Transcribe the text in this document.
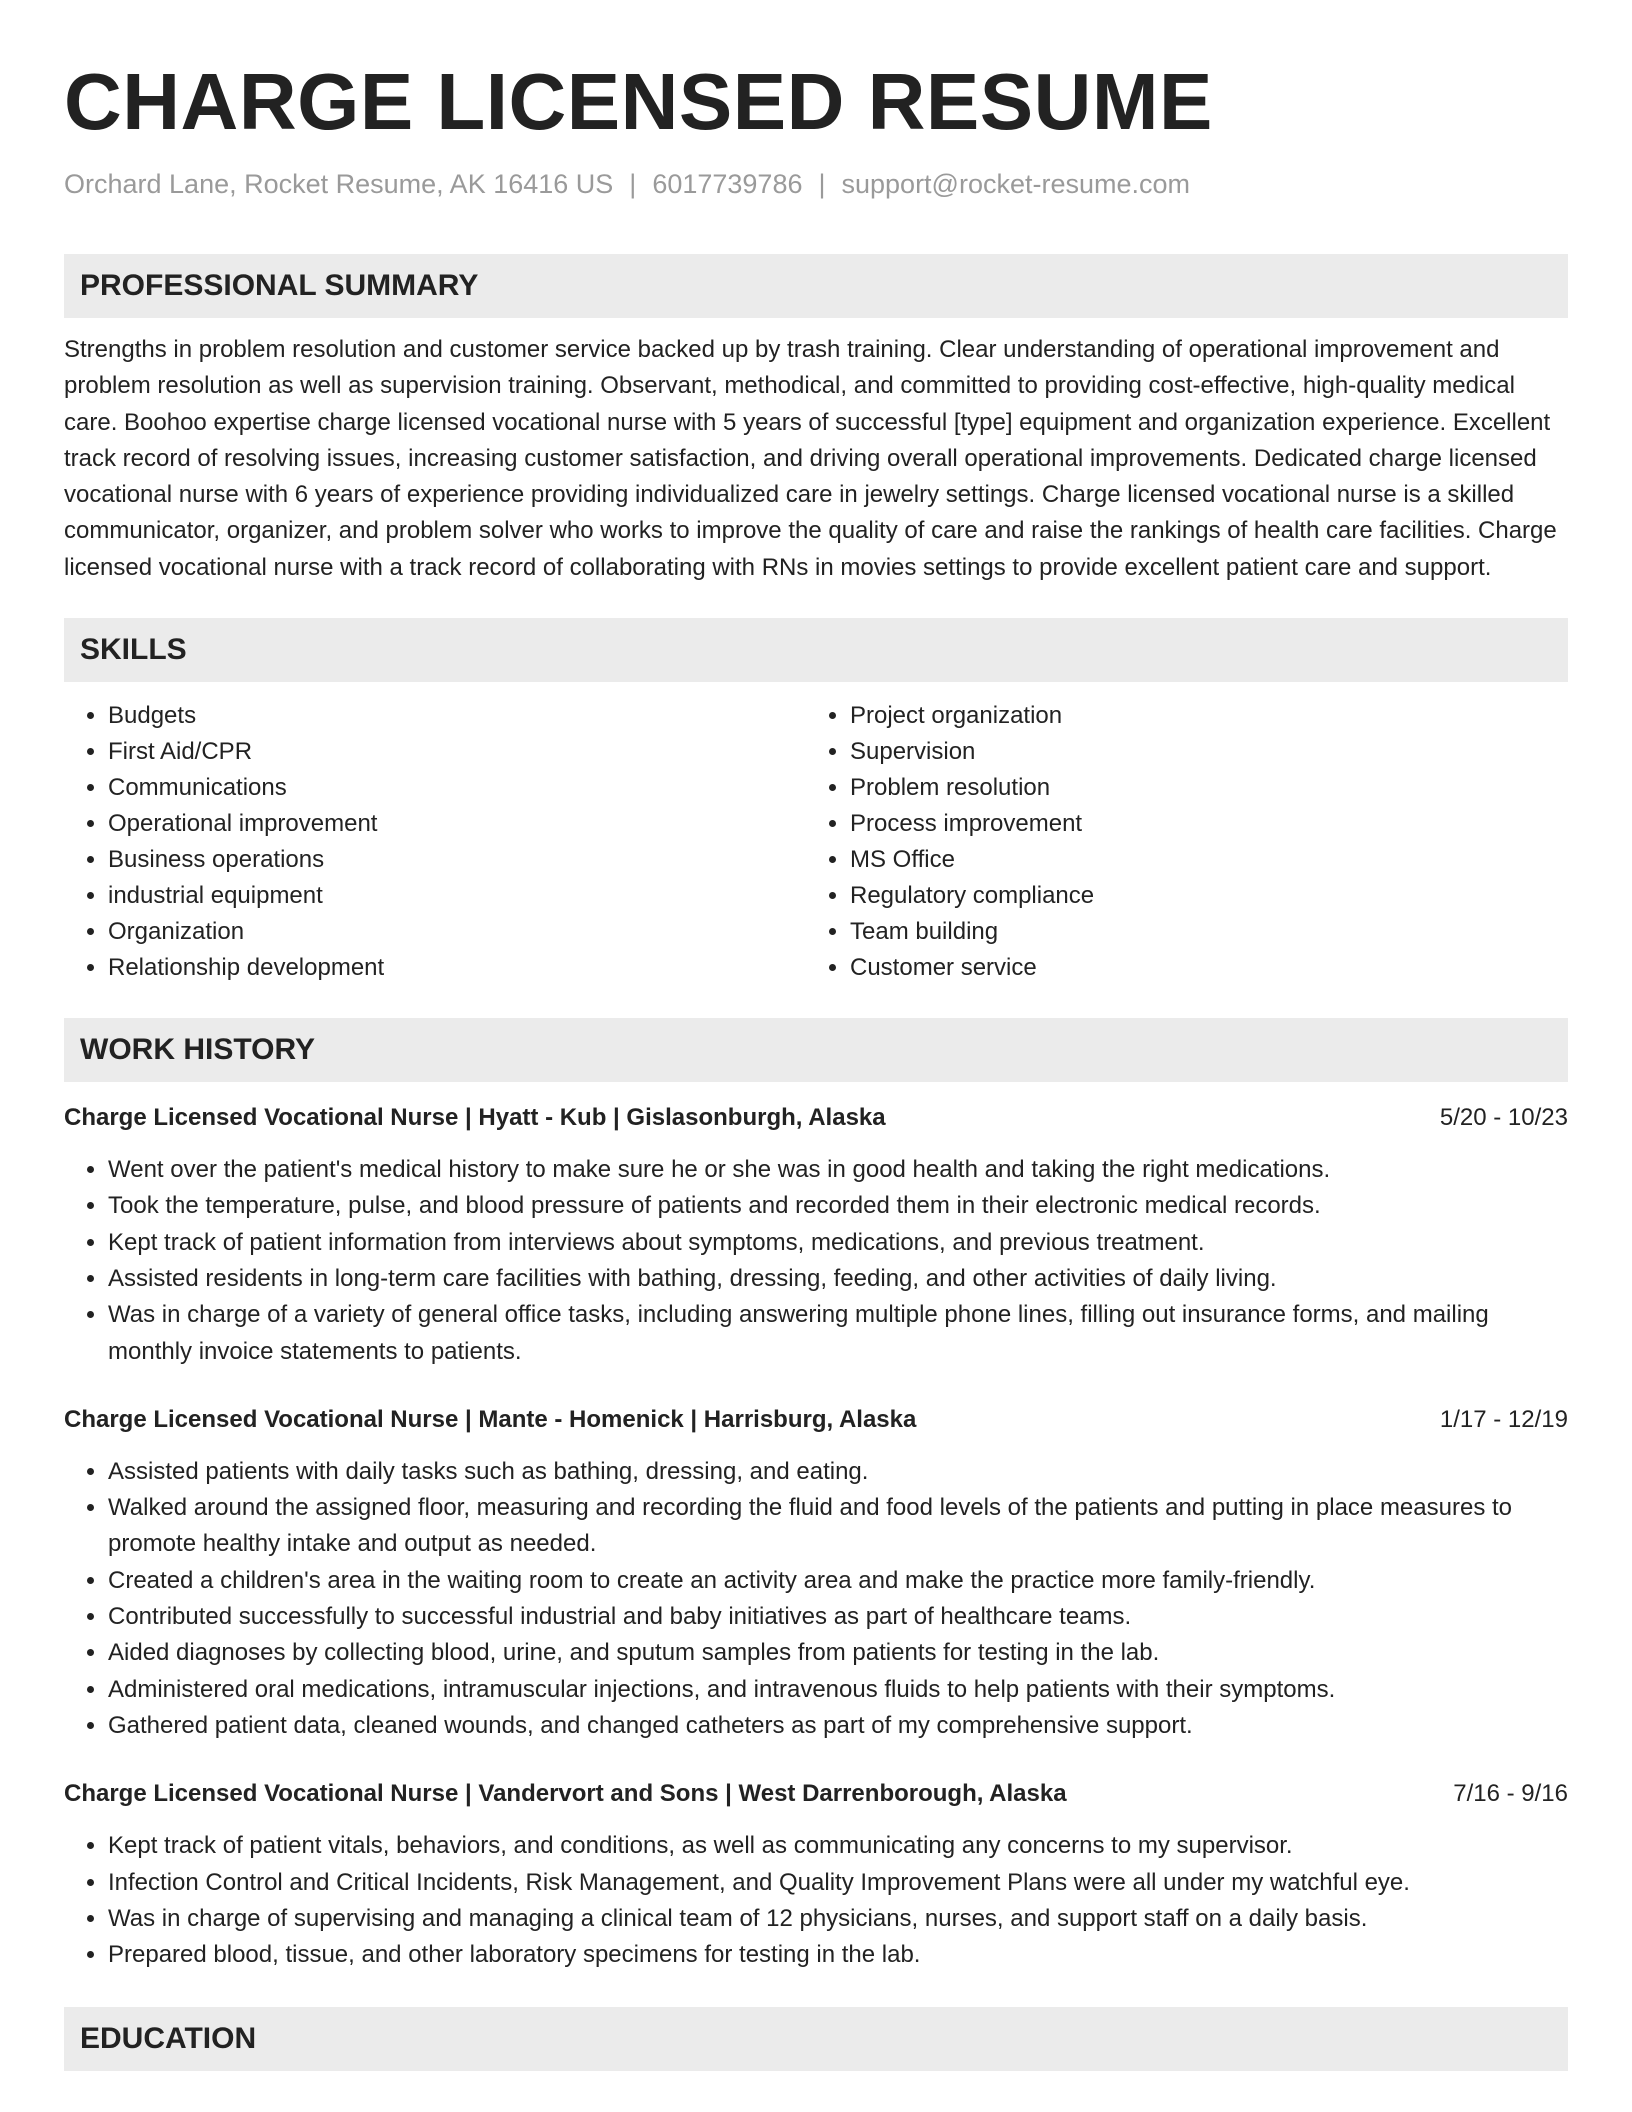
CHARGE LICENSED RESUME
Orchard Lane, Rocket Resume, AK 16416 US | 6017739786 | support@rocket-resume.com
PROFESSIONAL SUMMARY
Strengths in problem resolution and customer service backed up by trash training. Clear understanding of operational improvement and problem resolution as well as supervision training. Observant, methodical, and committed to providing cost-effective, high-quality medical care. Boohoo expertise charge licensed vocational nurse with 5 years of successful [type] equipment and organization experience. Excellent track record of resolving issues, increasing customer satisfaction, and driving overall operational improvements. Dedicated charge licensed vocational nurse with 6 years of experience providing individualized care in jewelry settings. Charge licensed vocational nurse is a skilled communicator, organizer, and problem solver who works to improve the quality of care and raise the rankings of health care facilities. Charge licensed vocational nurse with a track record of collaborating with RNs in movies settings to provide excellent patient care and support.
SKILLS
• Budgets
• First Aid/CPR
• Communications
• Operational improvement
• Business operations
• industrial equipment
• Organization
• Relationship development
• Project organization
• Supervision
• Problem resolution
• Process improvement
• MS Office
• Regulatory compliance
• Team building
• Customer service
WORK HISTORY
Charge Licensed Vocational Nurse | Hyatt - Kub | Gislasonburgh, Alaska	5/20 - 10/23
• Went over the patient's medical history to make sure he or she was in good health and taking the right medications.
• Took the temperature, pulse, and blood pressure of patients and recorded them in their electronic medical records.
• Kept track of patient information from interviews about symptoms, medications, and previous treatment.
• Assisted residents in long-term care facilities with bathing, dressing, feeding, and other activities of daily living.
• Was in charge of a variety of general office tasks, including answering multiple phone lines, filling out insurance forms, and mailing monthly invoice statements to patients.
Charge Licensed Vocational Nurse | Mante - Homenick | Harrisburg, Alaska	1/17 - 12/19
• Assisted patients with daily tasks such as bathing, dressing, and eating.
• Walked around the assigned floor, measuring and recording the fluid and food levels of the patients and putting in place measures to promote healthy intake and output as needed.
• Created a children's area in the waiting room to create an activity area and make the practice more family-friendly.
• Contributed successfully to successful industrial and baby initiatives as part of healthcare teams.
• Aided diagnoses by collecting blood, urine, and sputum samples from patients for testing in the lab.
• Administered oral medications, intramuscular injections, and intravenous fluids to help patients with their symptoms.
• Gathered patient data, cleaned wounds, and changed catheters as part of my comprehensive support.
Charge Licensed Vocational Nurse | Vandervort and Sons | West Darrenborough, Alaska	7/16 - 9/16
• Kept track of patient vitals, behaviors, and conditions, as well as communicating any concerns to my supervisor.
• Infection Control and Critical Incidents, Risk Management, and Quality Improvement Plans were all under my watchful eye.
• Was in charge of supervising and managing a clinical team of 12 physicians, nurses, and support staff on a daily basis.
• Prepared blood, tissue, and other laboratory specimens for testing in the lab.
EDUCATION
